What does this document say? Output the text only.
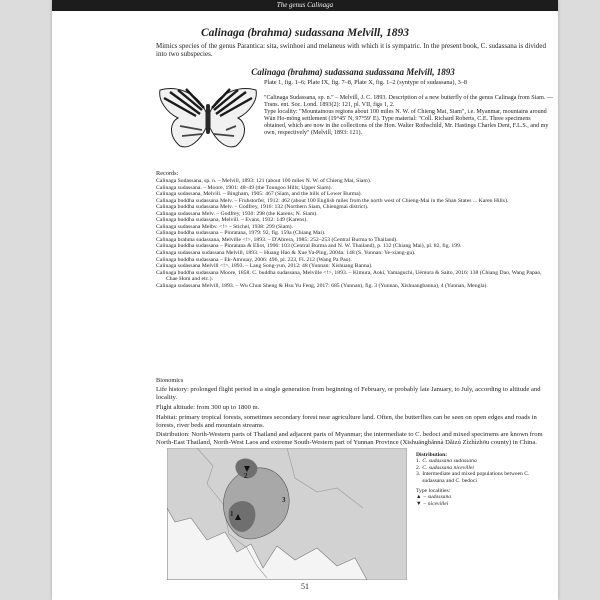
The genus Calinaga
Calinaga (brahma) sudassana Melvill, 1893
Mimics species of the genus Parantica: sita, swinhoei and melaneus with which it is sympatric. In the present book, C. sudassana is divided into two subspecies.
Calinaga (brahma) sudassana sudassana Melvill, 1893
Plate 1, fig. 1–6; Plate IX, fig. 7–8, Plate X, fig. 1–2 (syntype of sudassana), 3–8
"Calinaga Sudassana, sp. n." – Melvill, J. C. 1893. Description of a new butterfly of the genus Calinaga from Siam. — Trans. ent. Soc. Lond. 1893(2): 121, pl. VII, figs 1, 2.
Type locality: "Mountainous regions about 100 miles N. W. of Chieng Mai, Siam", i.e. Myanmar, mountains around Wān Ho-mōng settlement (19°45′ N, 97°59′ E). Type material: "Coll. Richard Roberts, C.E. Three specimens obtained, which are now in the collections of the Hon. Walter Rothschild, Mr. Hastings Charles Dent, F.L.S., and my own, respectively" (Melvill, 1893: 121).
Records:
Calinaga Sudassana, sp. n. – Melvill, 1893: 121 (about 100 miles N. W. of Chieng Mai, Siam).
Calinaga sudassana. – Moore, 1901: 48–49 (the Toungoo Hills; Upper Siam).
Calinaga sudassana, Melvill. – Bingham, 1905: 467 (Siam, and the hills of Lower Burma).
Calinaga buddha sudassana Melv. – Fruhstorfer, 1912: 462 (about 100 English miles from the north west of Chieng-Mai in the Shan States ... Karen Hills).
Calinaga buddha sudassana Melv. – Godfrey, 1916: 132 (Northern Siam, Chiengmai district).
Calinaga sudassana Melv. – Godfrey, 1930: 298 (the Karens; N. Siam).
Calinaga buddha sudassana, Melvill. – Evans, 1932: 149 (Karens).
Calinaga sudassana Melbv. <!> – Stichel, 1938: 299 (Siam).
Calinaga buddha sudassana – Pinratana, 1979: 92, fig. 159a (Chiang Mai).
Calinaga brahma sudassana, Melville <!>, 1893. – D'Abrera, 1985: 252–253 (Central Burma to Thailand).
Calinaga buddha sudassana – Pinratana & Eliot, 1996: 103 (Central Burma and N. W. Thailand), p. 132 (Chiang Mai), pl. 82, fig. 199.
Calinaga sudassana sudassana Melvill, 1893. – Huang Hao & Xue Ya-Ping, 2004a: 148 (S. Yunnan: Ye-xiang-gu).
Calinaga buddha sudassana – Ek-Amnuay, 2006: 496, pl. 223, Fl. 212 (Wang Pa Pao).
Calinaga sudassana Melvill <!>, 1893. – Lang Song-yun, 2012: 48 (Yunnan: Xishuang Banna).
Calinaga buddha sudassana Moore, 1858. C. buddha sudassana, Melville <!>, 1893. – Kimura, Aoki, Yamaguchi, Uémura & Saito, 2016: 138 (Chiang Dao, Wang Papao, Chae Hom and etc.).
Calinaga sudassana Melvill, 1893. – Wu Chun Sheng & Hsu Yu Feng, 2017: 685 (Yunnan), fig. 3 (Yunnan, Xishuangbanna), 4 (Yunnan, Mengla).
Bionomics
Life history: prolonged flight period in a single generation from beginning of February, or probably late January, to July, according to altitude and locality.
Flight altitude: from 300 up to 1800 m.
1
2
3
Distribution:
1. C. sudassana sudassana
2. C. sudassana nicevillei
3. Intermediate and mixed populations between C. sudassana and C. bedoci
Type localities:
▲ – sudassana
▼ – nicevillei
51
Habitat: primary tropical forests, sometimes secondary forest near agriculture land. Often, the butterflies can be seen on open edges and roads in forests, river beds and mountain streams.
Distribution: North-Western parts of Thailand and adjacent parts of Myanmar; the intermediate to C. bedoci and mixed specimens are known from North-East Thailand, North-West Laos and extreme South-Western part of Yunnan Province (Xīshuāngbǎnnà Dǎizú Zìzhìzhōu county) in China.
